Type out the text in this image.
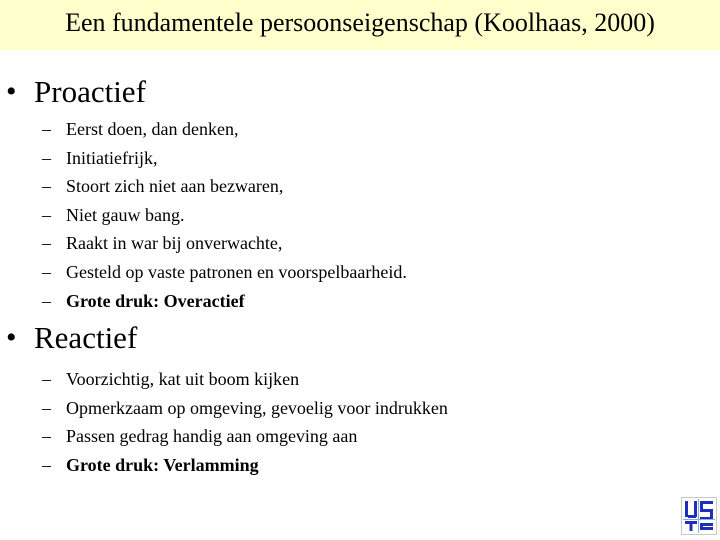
Een fundamentele persoonseigenschap (Koolhaas, 2000)
• Proactief
– Eerst doen, dan denken,
– Initiatiefrijk,
– Stoort zich niet aan bezwaren,
– Niet gauw bang.
– Raakt in war bij onverwachte,
– Gesteld op vaste patronen en voorspelbaarheid.
– Grote druk: Overactief
• Reactief
– Voorzichtig, kat uit boom kijken
– Opmerkzaam op omgeving, gevoelig voor indrukken
– Passen gedrag handig aan omgeving aan
– Grote druk: Verlamming
